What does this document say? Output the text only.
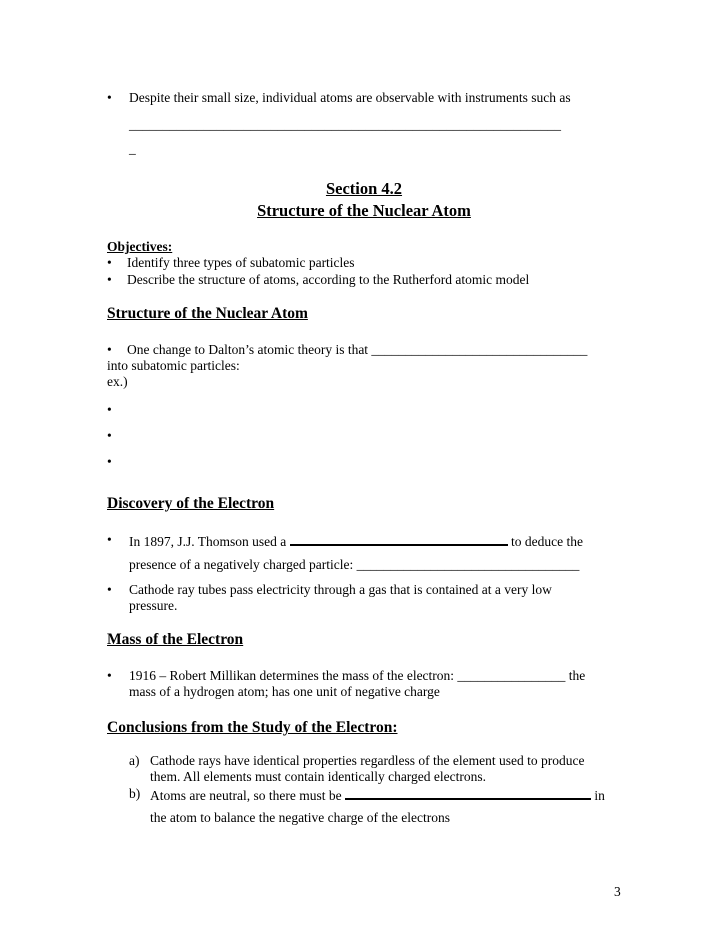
• Despite their small size, individual atoms are observable with instruments such as
________________________________________________________________
_
Section 4.2
Structure of the Nuclear Atom
Objectives:
• Identify three types of subatomic particles
• Describe the structure of atoms, according to the Rutherford atomic model
Structure of the Nuclear Atom
• One change to Dalton’s atomic theory is that ________________________________
into subatomic particles:
ex.)
•
•
•
Discovery of the Electron
• In 1897, J.J. Thomson used a	to deduce the
presence of a negatively charged particle: _________________________________
• Cathode ray tubes pass electricity through a gas that is contained at a very low
pressure.
Mass of the Electron
• 1916 – Robert Millikan determines the mass of the electron: ________________ the
mass of a hydrogen atom; has one unit of negative charge
Conclusions from the Study of the Electron:
a) Cathode rays have identical properties regardless of the element used to produce
them. All elements must contain identically charged electrons.
b) Atoms are neutral, so there must be	in
the atom to balance the negative charge of the electrons
3
